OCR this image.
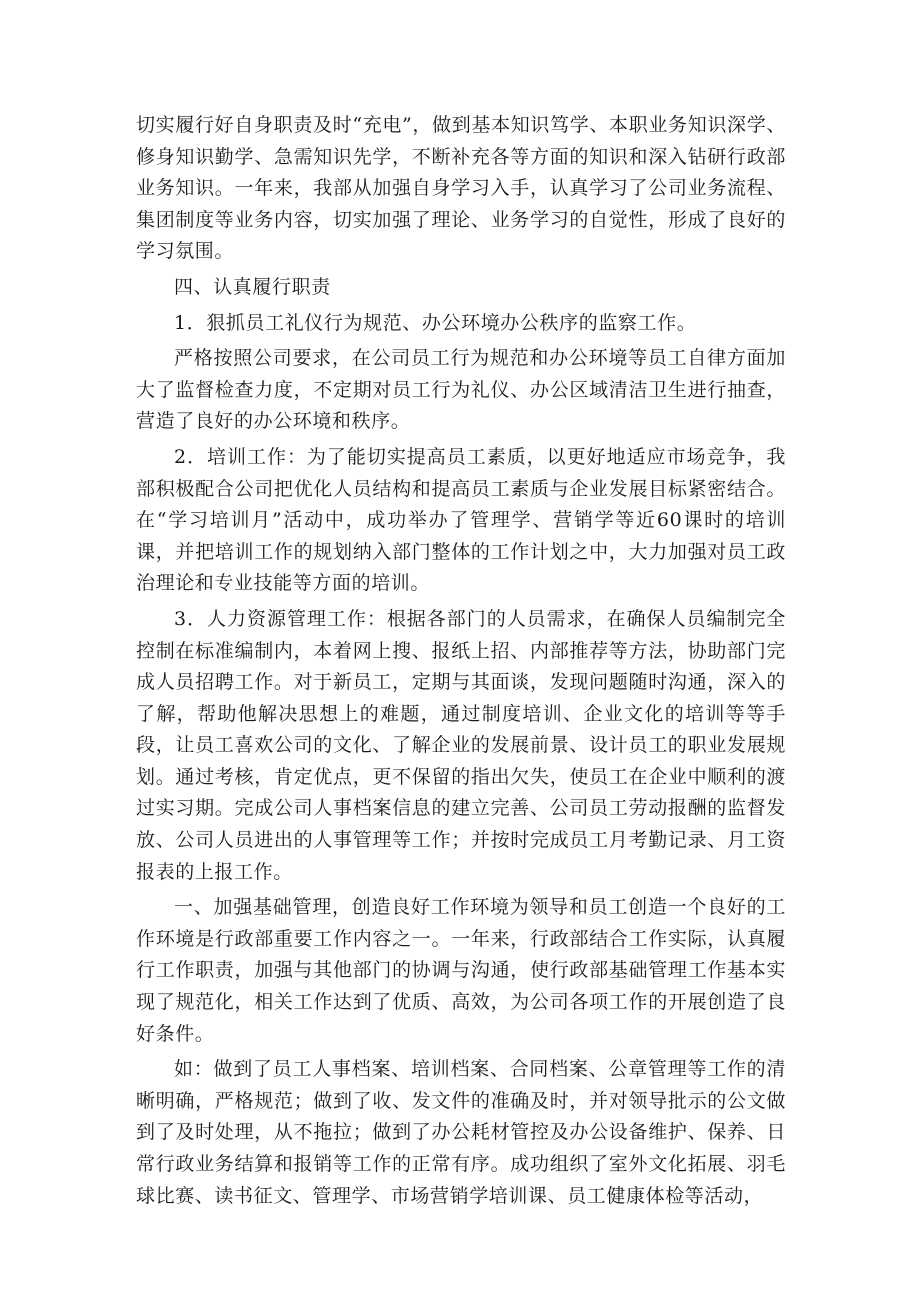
切实履行好自身职责及时“充电”，做到基本知识笃学、本职业务知识深学、修身知识勤学、急需知识先学，不断补充各等方面的知识和深入钻研行政部业务知识。一年来，我部从加强自身学习入手，认真学习了公司业务流程、集团制度等业务内容，切实加强了理论、业务学习的自觉性，形成了良好的学习氛围。

四、认真履行职责

1．狠抓员工礼仪行为规范、办公环境办公秩序的监察工作。

严格按照公司要求，在公司员工行为规范和办公环境等员工自律方面加大了监督检查力度，不定期对员工行为礼仪、办公区域清洁卫生进行抽查，营造了良好的办公环境和秩序。

2．培训工作：为了能切实提高员工素质，以更好地适应市场竞争，我部积极配合公司把优化人员结构和提高员工素质与企业发展目标紧密结合。在“学习培训月”活动中，成功举办了管理学、营销学等近60课时的培训课，并把培训工作的规划纳入部门整体的工作计划之中，大力加强对员工政治理论和专业技能等方面的培训。

3．人力资源管理工作：根据各部门的人员需求，在确保人员编制完全控制在标准编制内，本着网上搜、报纸上招、内部推荐等方法，协助部门完成人员招聘工作。对于新员工，定期与其面谈，发现问题随时沟通，深入的了解，帮助他解决思想上的难题，通过制度培训、企业文化的培训等等手段，让员工喜欢公司的文化、了解企业的发展前景、设计员工的职业发展规划。通过考核，肯定优点，更不保留的指出欠失，使员工在企业中顺利的渡过实习期。完成公司人事档案信息的建立完善、公司员工劳动报酬的监督发放、公司人员进出的人事管理等工作；并按时完成员工月考勤记录、月工资报表的上报工作。

一、加强基础管理，创造良好工作环境为领导和员工创造一个良好的工作环境是行政部重要工作内容之一。一年来，行政部结合工作实际，认真履行工作职责，加强与其他部门的协调与沟通，使行政部基础管理工作基本实现了规范化，相关工作达到了优质、高效，为公司各项工作的开展创造了良好条件。

如：做到了员工人事档案、培训档案、合同档案、公章管理等工作的清晰明确，严格规范；做到了收、发文件的准确及时，并对领导批示的公文做到了及时处理，从不拖拉；做到了办公耗材管控及办公设备维护、保养、日常行政业务结算和报销等工作的正常有序。成功组织了室外文化拓展、羽毛球比赛、读书征文、管理学、市场营销学培训课、员工健康体检等活动，
